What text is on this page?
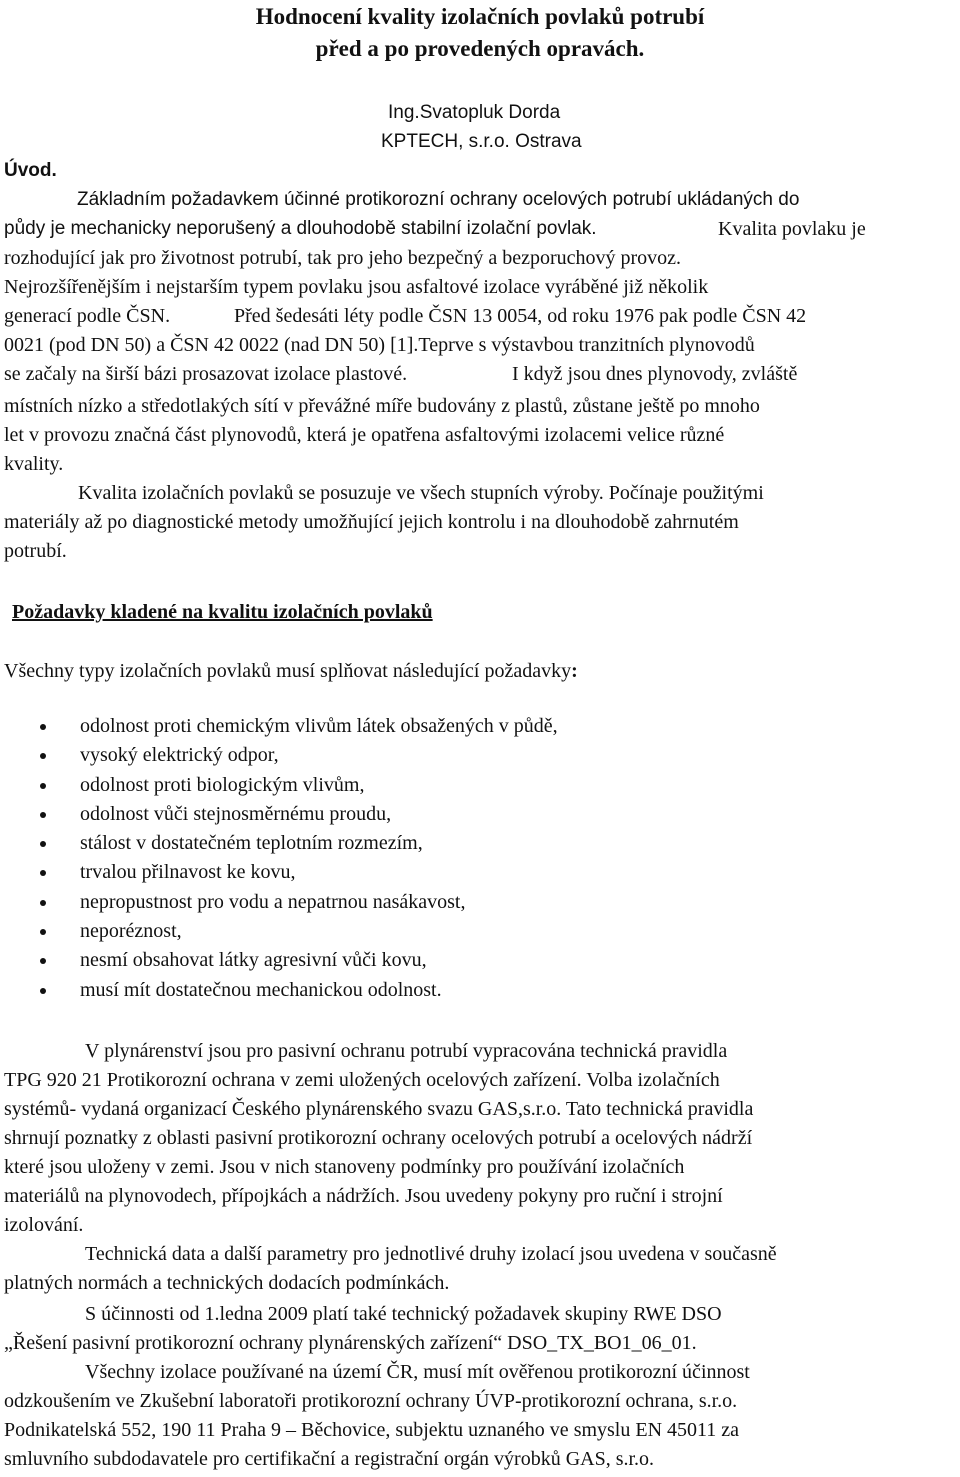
Hodnocení kvality izolačních povlaků potrubí
před a po provedených opravách.
Ing.Svatopluk Dorda
KPTECH, s.r.o. Ostrava
Úvod.
Základním požadavkem účinné protikorozní ochrany ocelových potrubí ukládaných do
půdy je mechanicky neporušený a dlouhodobě stabilní izolační povlak.	Kvalita povlaku je
rozhodující jak pro životnost potrubí, tak pro jeho bezpečný a bezporuchový provoz.
Nejrozšířenějším i nejstarším typem povlaku jsou asfaltové izolace vyráběné již několik
generací podle ČSN.	Před šedesáti léty podle ČSN 13 0054, od roku 1976 pak podle ČSN 42
0021 (pod DN 50) a ČSN 42 0022 (nad DN 50) [1].Teprve s výstavbou tranzitních plynovodů
se začaly na širší bázi prosazovat izolace plastové.	I když jsou dnes plynovody, zvláště
místních nízko a středotlakých sítí v převážné míře budovány z plastů, zůstane ještě po mnoho
let v provozu značná část plynovodů, která je opatřena asfaltovými izolacemi velice různé
kvality.
Kvalita izolačních povlaků se posuzuje ve všech stupních výroby. Počínaje použitými
materiály až po diagnostické metody umožňující jejich kontrolu i na dlouhodobě zahrnutém
potrubí.
Požadavky kladené na kvalitu izolačních povlaků
Všechny typy izolačních povlaků musí splňovat následující požadavky:
odolnost proti chemickým vlivům látek obsažených v půdě,
vysoký elektrický odpor,
odolnost proti biologickým vlivům,
odolnost vůči stejnosměrnému proudu,
stálost v dostatečném teplotním rozmezím,
trvalou přilnavost ke kovu,
nepropustnost pro vodu a nepatrnou nasákavost,
neporéznost,
nesmí obsahovat látky agresivní vůči kovu,
musí mít dostatečnou mechanickou odolnost.
V plynárenství jsou pro pasivní ochranu potrubí vypracována technická pravidla
TPG 920 21 Protikorozní ochrana v zemi uložených ocelových zařízení. Volba izolačních
systémů- vydaná organizací Českého plynárenského svazu GAS,s.r.o. Tato technická pravidla
shrnují poznatky z oblasti pasivní protikorozní ochrany ocelových potrubí a ocelových nádrží
které jsou uloženy v zemi. Jsou v nich stanoveny podmínky pro používání izolačních
materiálů na plynovodech, přípojkách a nádržích. Jsou uvedeny pokyny pro ruční i strojní
izolování.
Technická data a další parametry pro jednotlivé druhy izolací jsou uvedena v současně
platných normách a technických dodacích podmínkách.
S účinnosti od 1.ledna 2009 platí také technický požadavek skupiny RWE DSO
„Řešení pasivní protikorozní ochrany plynárenských zařízení“ DSO_TX_BO1_06_01.
Všechny izolace používané na území ČR, musí mít ověřenou protikorozní účinnost
odzkoušením ve Zkušební laboratoři protikorozní ochrany ÚVP-protikorozní ochrana, s.r.o.
Podnikatelská 552, 190 11 Praha 9 – Běchovice, subjektu uznaného ve smyslu EN 45011 za
smluvního subdodavatele pro certifikační a registrační orgán výrobků GAS, s.r.o.
